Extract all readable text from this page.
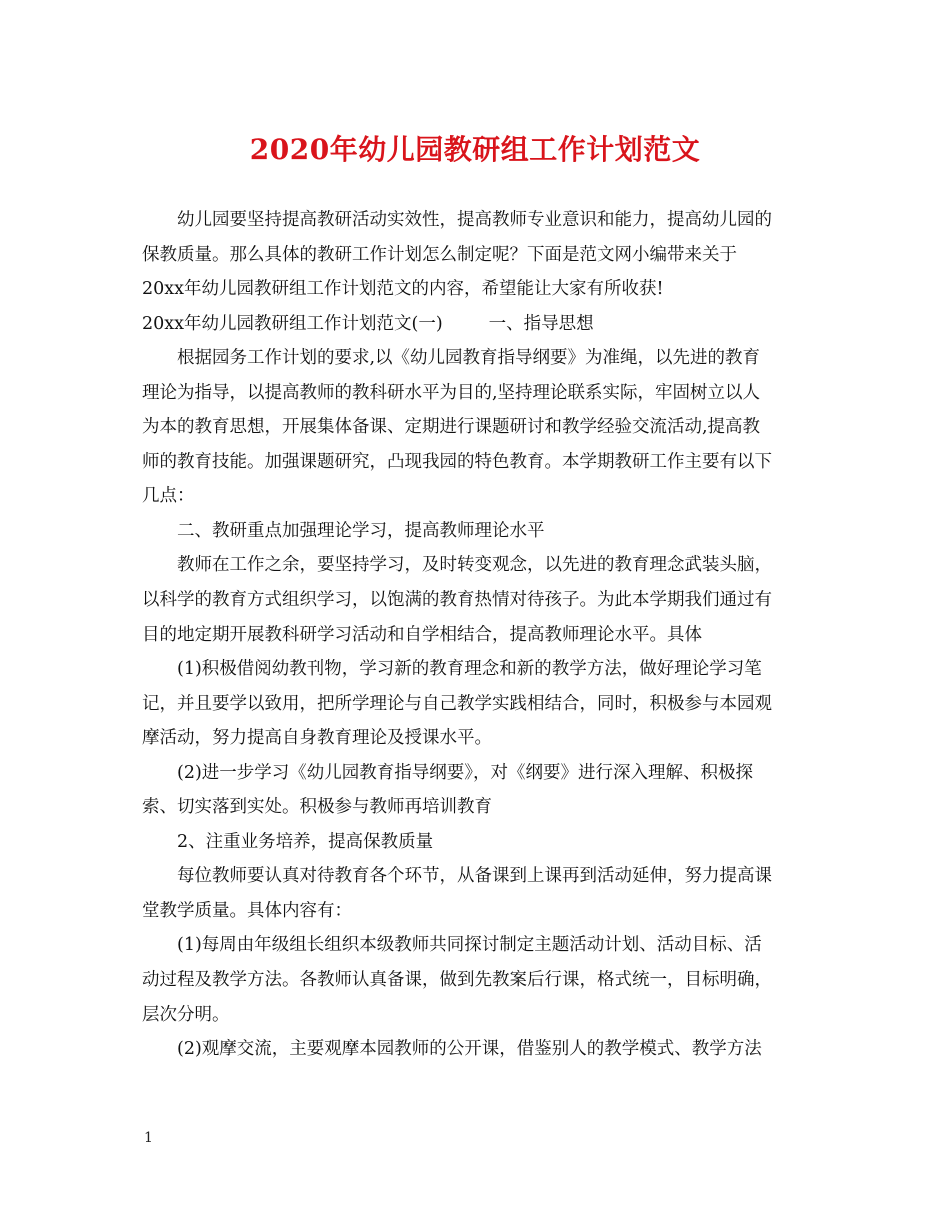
2020年幼儿园教研组工作计划范文
幼儿园要坚持提高教研活动实效性，提高教师专业意识和能力，提高幼儿园的
保教质量。那么具体的教研工作计划怎么制定呢？下面是范文网小编带来关于
20xx年幼儿园教研组工作计划范文的内容，希望能让大家有所收获!
20xx年幼儿园教研组工作计划范文(一)	一、指导思想
根据园务工作计划的要求,以《幼儿园教育指导纲要》为准绳，以先进的教育
理论为指导，以提高教师的教科研水平为目的,坚持理论联系实际，牢固树立以人
为本的教育思想，开展集体备课、定期进行课题研讨和教学经验交流活动,提高教
师的教育技能。加强课题研究，凸现我园的特色教育。本学期教研工作主要有以下
几点：
二、教研重点加强理论学习，提高教师理论水平
教师在工作之余，要坚持学习，及时转变观念，以先进的教育理念武装头脑，
以科学的教育方式组织学习，以饱满的教育热情对待孩子。为此本学期我们通过有
目的地定期开展教科研学习活动和自学相结合，提高教师理论水平。具体
(1)积极借阅幼教刊物，学习新的教育理念和新的教学方法，做好理论学习笔
记，并且要学以致用，把所学理论与自己教学实践相结合，同时，积极参与本园观
摩活动，努力提高自身教育理论及授课水平。
(2)进一步学习《幼儿园教育指导纲要》，对《纲要》进行深入理解、积极探
索、切实落到实处。积极参与教师再培训教育
2、注重业务培养，提高保教质量
每位教师要认真对待教育各个环节，从备课到上课再到活动延伸，努力提高课
堂教学质量。具体内容有：
(1)每周由年级组长组织本级教师共同探讨制定主题活动计划、活动目标、活
动过程及教学方法。各教师认真备课，做到先教案后行课，格式统一，目标明确，
层次分明。
(2)观摩交流，主要观摩本园教师的公开课，借鉴别人的教学模式、教学方法
1
